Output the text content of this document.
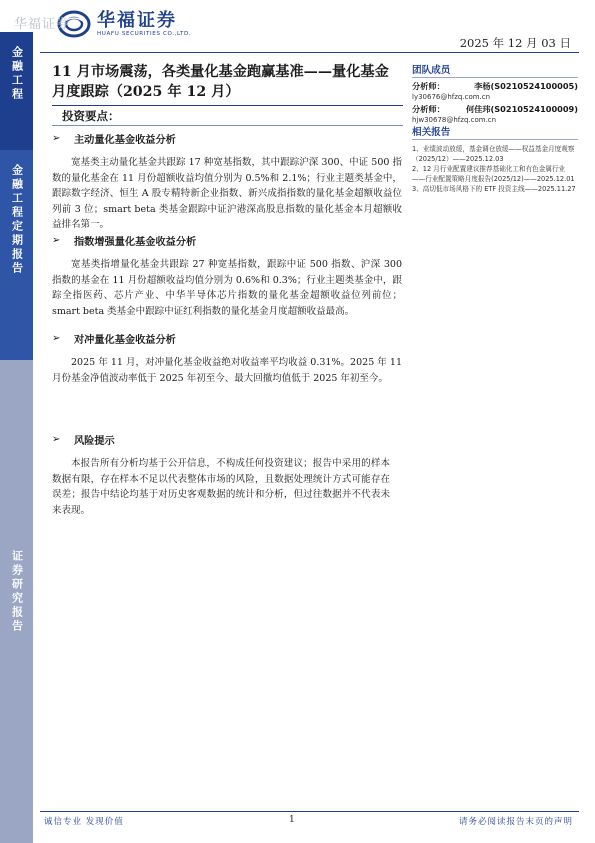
华福证券
金融工程
金融工程定期报告
证券研究报告
华福证券
HUAFU SECURITIES CO.,LTD.
2025 年 12 月 03 日
11 月市场震荡，各类量化基金跑赢基准——量化基金月度跟踪（2025 年 12 月）
投资要点：
➢	主动量化基金收益分析
宽基类主动量化基金共跟踪 17 种宽基指数，其中跟踪沪深 300、中证 500 指数的量化基金在 11 月份超额收益均值分别为 0.5%和 2.1%；行业主题类基金中，跟踪数字经济、恒生 A 股专精特新企业指数、新兴成指指数的量化基金超额收益位列前 3 位；smart beta 类基金跟踪中证沪港深高股息指数的量化基金本月超额收益排名第一。
➢	指数增强量化基金收益分析
宽基类指增量化基金共跟踪 27 种宽基指数，跟踪中证 500 指数、沪深 300 指数的基金在 11 月份超额收益均值分别为 0.6%和 0.3%；行业主题类基金中，跟踪全指医药、芯片产业、中华半导体芯片指数的量化基金超额收益位列前位；smart beta 类基金中跟踪中证红利指数的量化基金月度超额收益最高。
➢	对冲量化基金收益分析
2025 年 11 月，对冲量化基金收益绝对收益率平均收益 0.31%。2025 年 11 月份基金净值波动率低于 2025 年初至今、最大回撤均值低于 2025 年初至今。
➢	风险提示
本报告所有分析均基于公开信息，不构成任何投资建议；报告中采用的样本数据有限，存在样本不足以代表整体市场的风险，且数据处理统计方式可能存在误差；报告中结论均基于对历史客观数据的统计和分析，但过往数据并不代表未来表现。
团队成员
分析师：	李杨(S0210524100005)
ly30676@hfzq.com.cn
分析师：	何佳玮(S0210524100009)
hjw30678@hfzq.com.cn
相关报告
1、业绩波动放缓，基金调仓放缓——权益基金月度观察（2025/12）——2025.12.03
2、12 月行业配置建议推荐基础化工和有色金属行业——行业配置策略月度报告(2025/12)——2025.12.01
3、高切低市场风格下的 ETF 投资主线——2025.11.27
诚信专业 发现价值	1	请务必阅读报告末页的声明
